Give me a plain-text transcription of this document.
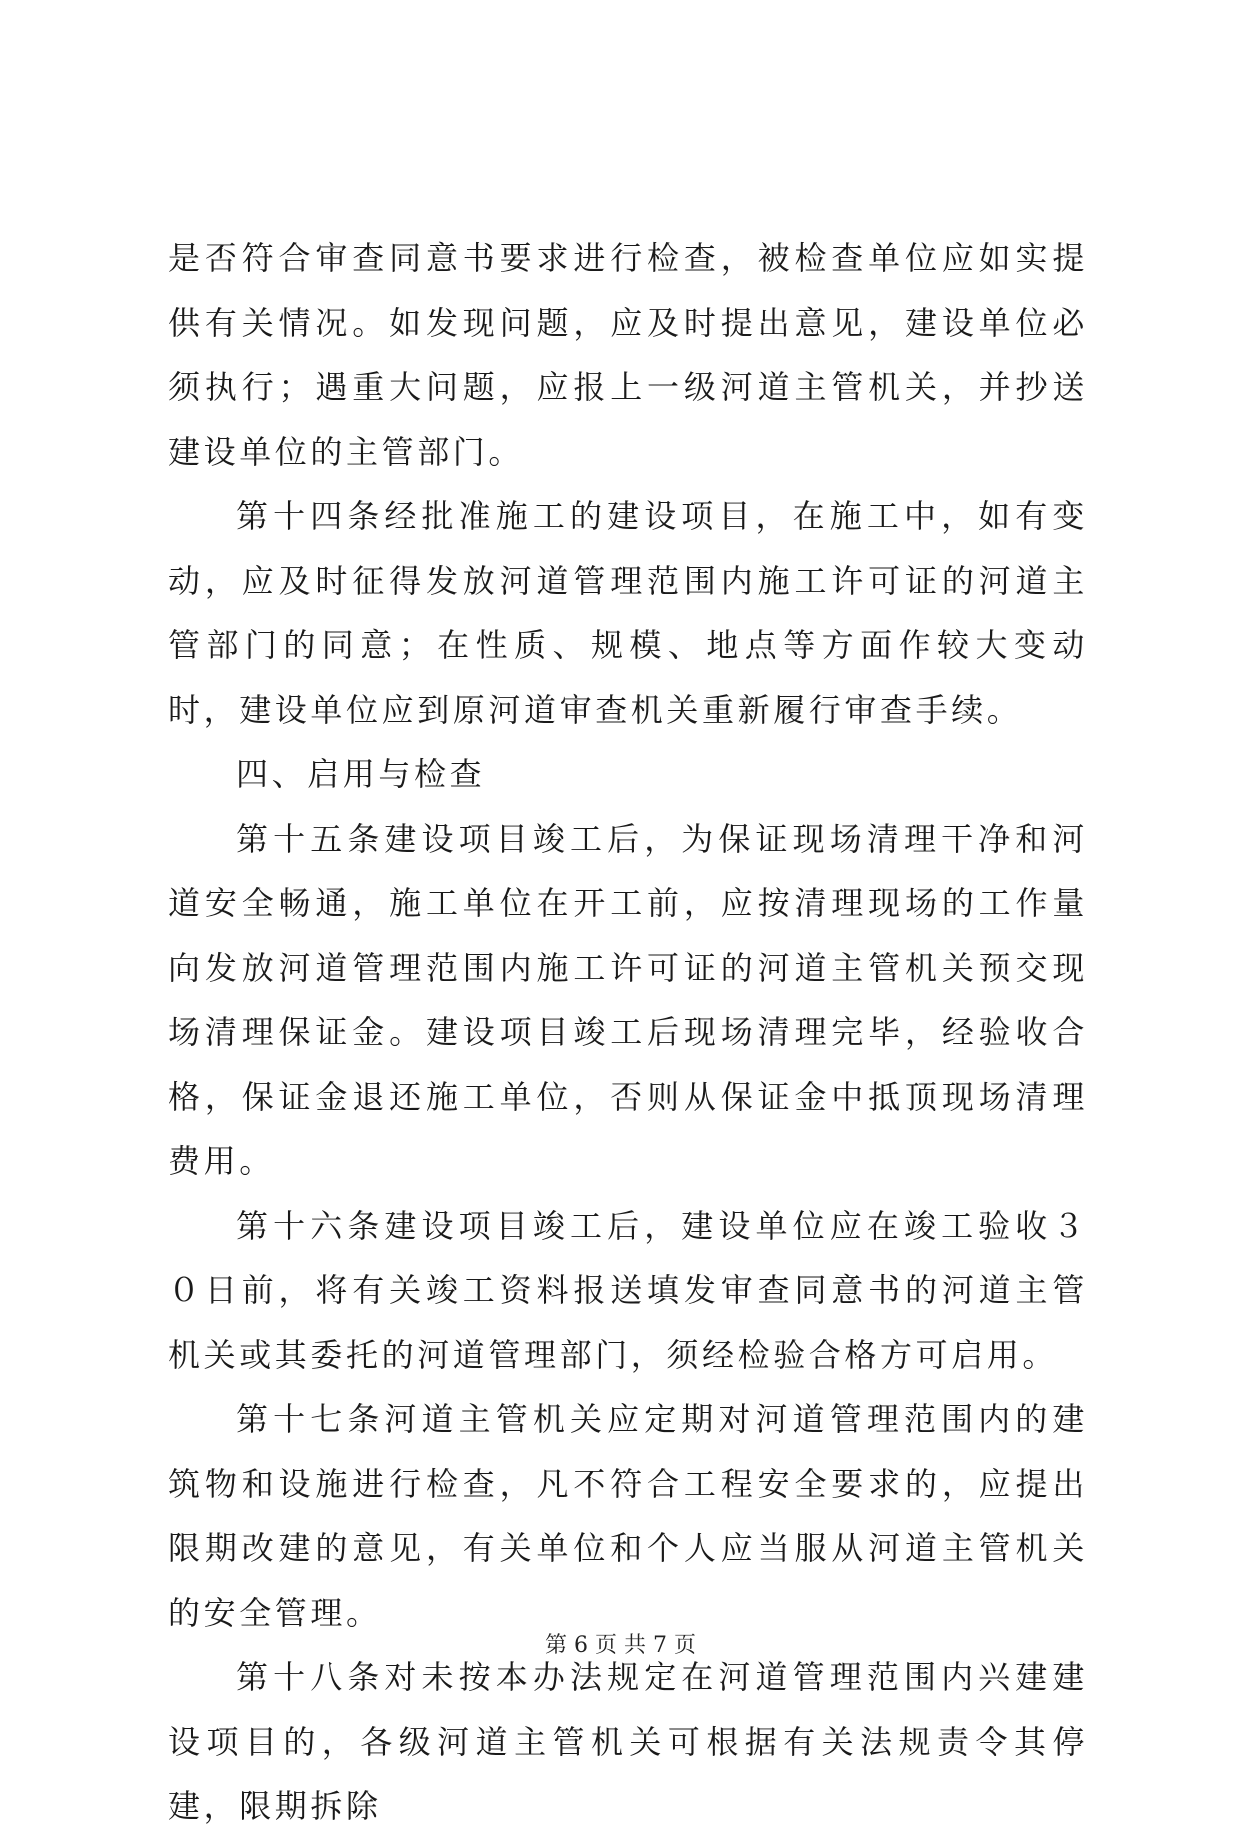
是否符合审查同意书要求进行检查，被检查单位应如实提供有关情况。如发现问题，应及时提出意见，建设单位必须执行；遇重大问题，应报上一级河道主管机关，并抄送建设单位的主管部门。

第十四条经批准施工的建设项目，在施工中，如有变动，应及时征得发放河道管理范围内施工许可证的河道主管部门的同意；在性质、规模、地点等方面作较大变动时，建设单位应到原河道审查机关重新履行审查手续。

四、启用与检查

第十五条建设项目竣工后，为保证现场清理干净和河道安全畅通，施工单位在开工前，应按清理现场的工作量向发放河道管理范围内施工许可证的河道主管机关预交现场清理保证金。建设项目竣工后现场清理完毕，经验收合格，保证金退还施工单位，否则从保证金中抵顶现场清理费用。

第十六条建设项目竣工后，建设单位应在竣工验收３０日前，将有关竣工资料报送填发审查同意书的河道主管机关或其委托的河道管理部门，须经检验合格方可启用。

第十七条河道主管机关应定期对河道管理范围内的建筑物和设施进行检查，凡不符合工程安全要求的，应提出限期改建的意见，有关单位和个人应当服从河道主管机关的安全管理。

第十八条对未按本办法规定在河道管理范围内兴建建设项目的，各级河道主管机关可根据有关法规责令其停建，限期拆除

第 6 页 共 7 页
